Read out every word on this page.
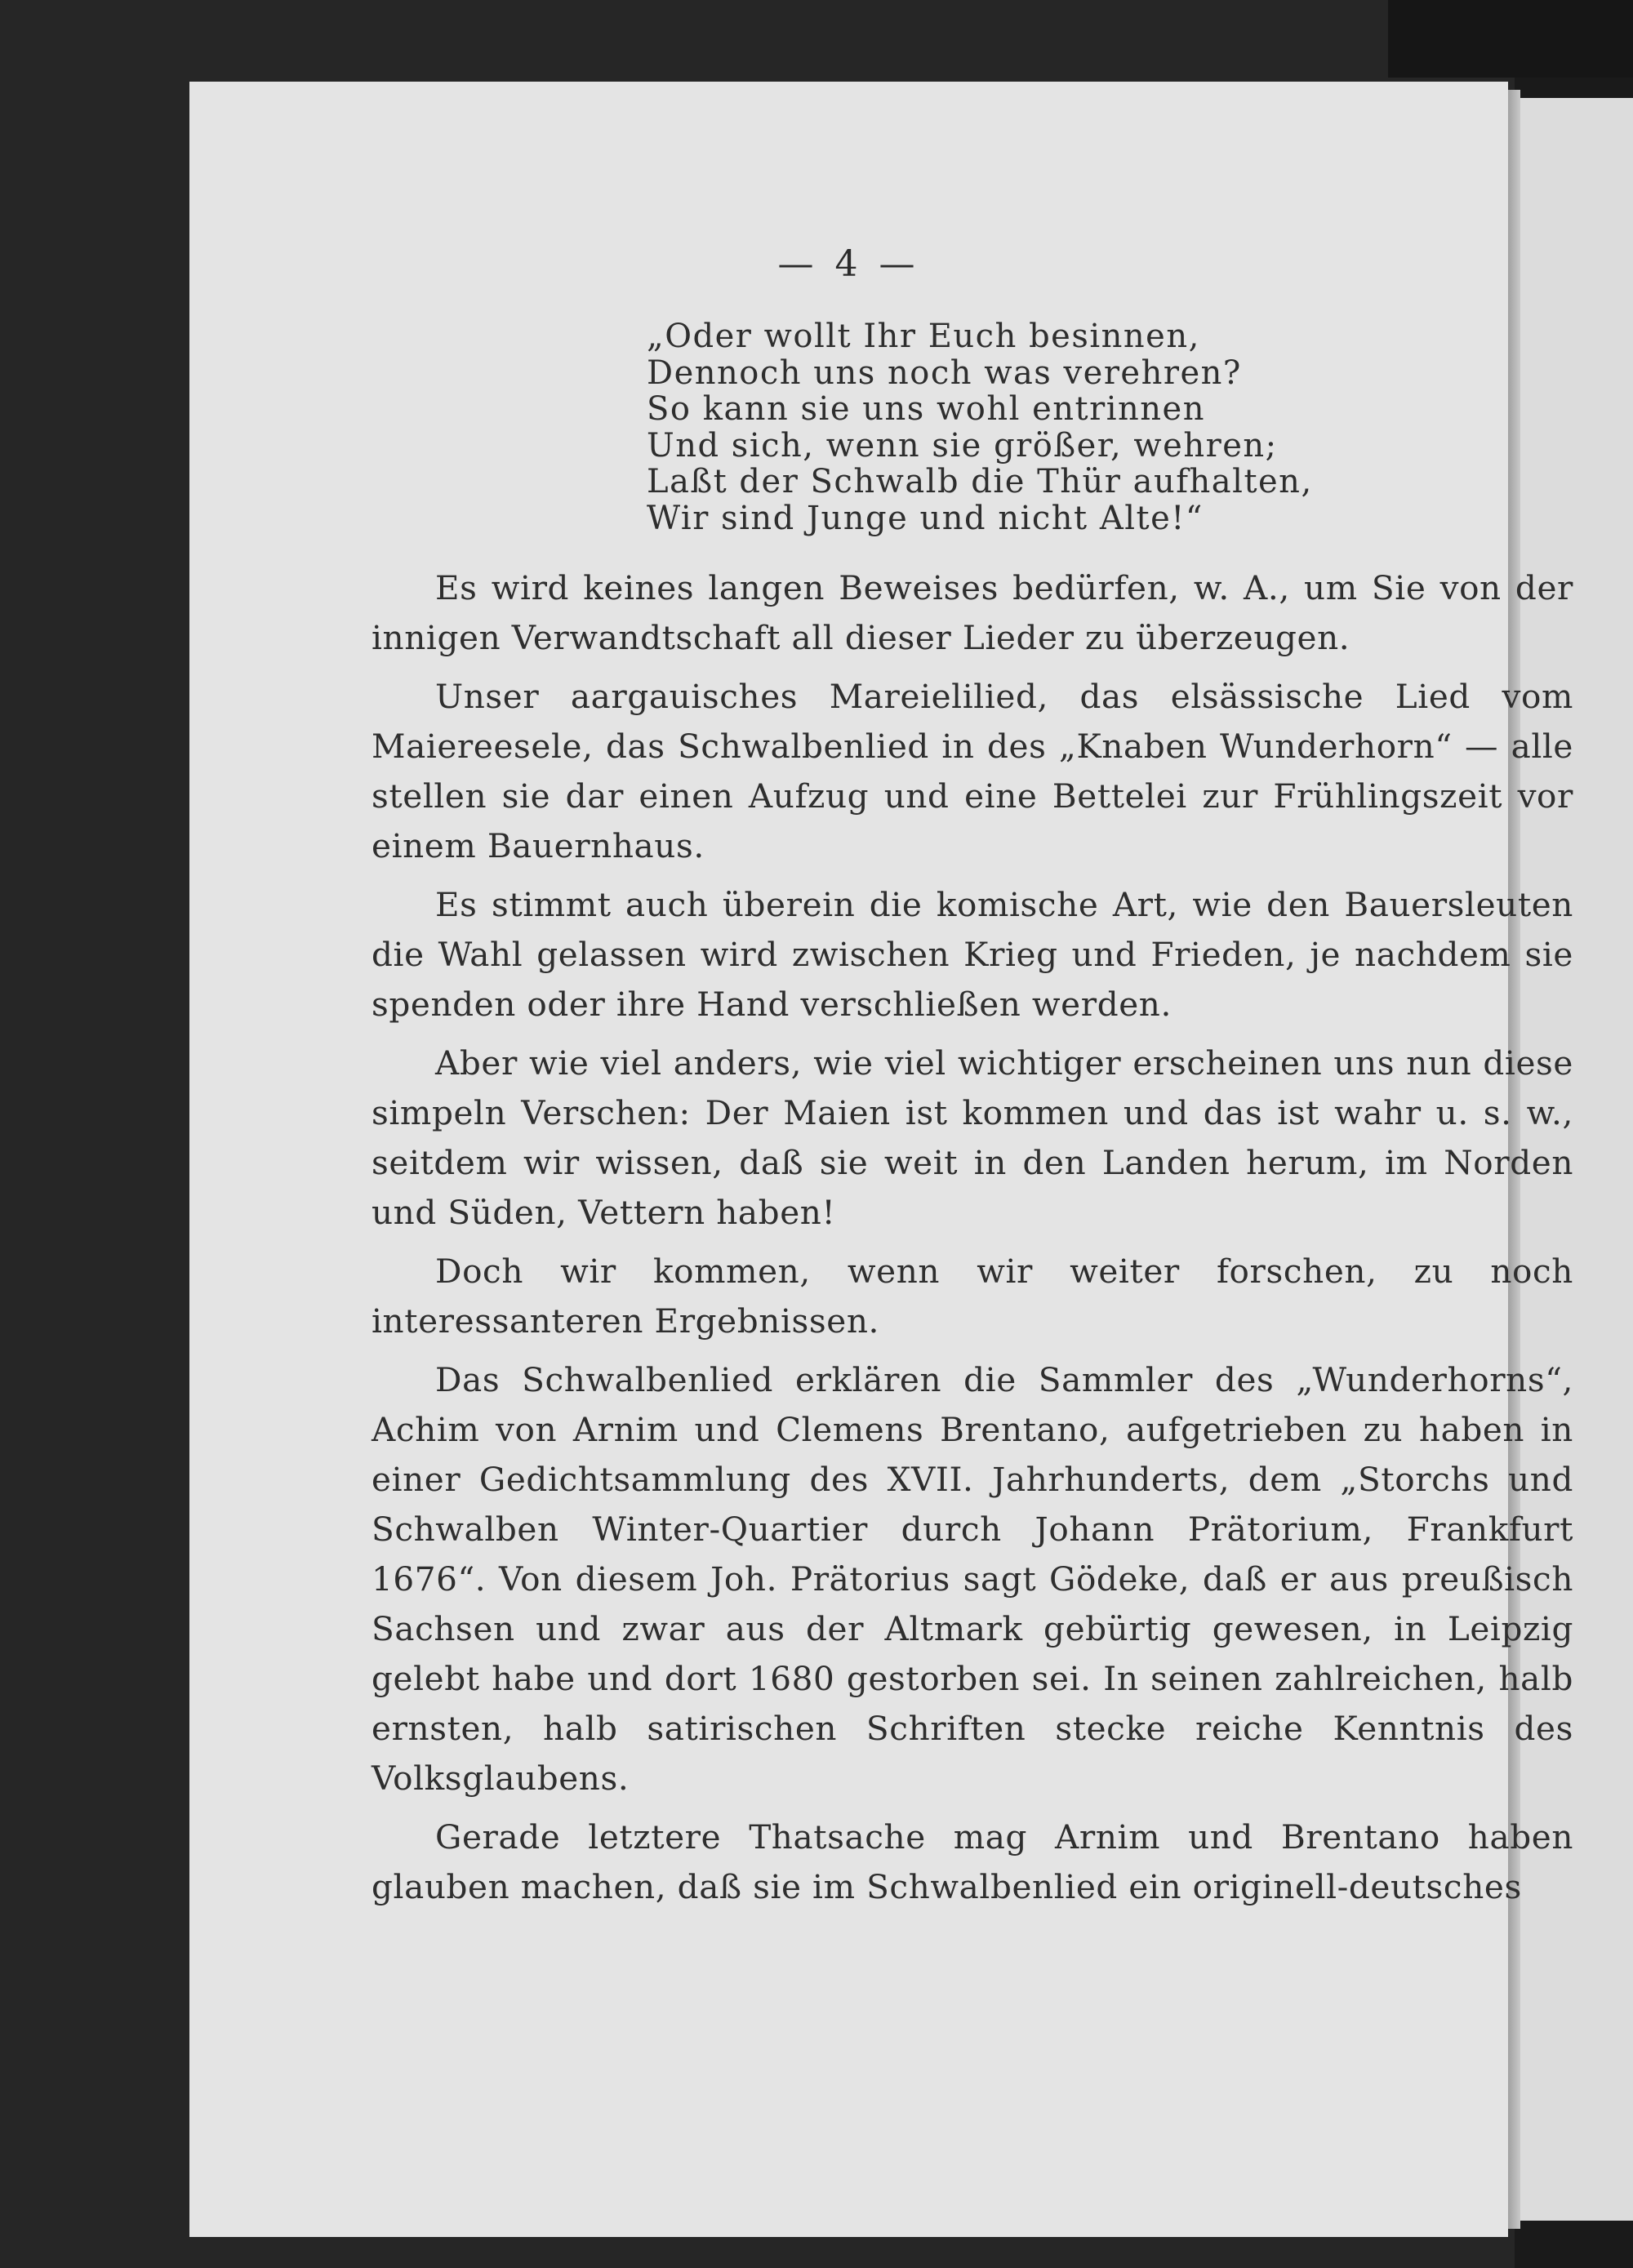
— 4 —
„Oder wollt Ihr Euch besinnen,
Dennoch uns noch was verehren?
So kann sie uns wohl entrinnen
Und sich, wenn sie größer, wehren;
Laßt der Schwalb die Thür aufhalten,
Wir sind Junge und nicht Alte!“

Es wird keines langen Beweises bedürfen, w. A., um Sie von der innigen Verwandtschaft all dieser Lieder zu überzeugen.

Unser aargauisches Mareielilied, das elsässische Lied vom Maiereesele, das Schwalbenlied in des „Knaben Wunderhorn“ — alle stellen sie dar einen Aufzug und eine Bettelei zur Frühlingszeit vor einem Bauernhaus.

Es stimmt auch überein die komische Art, wie den Bauersleuten die Wahl gelassen wird zwischen Krieg und Frieden, je nachdem sie spenden oder ihre Hand verschließen werden.

Aber wie viel anders, wie viel wichtiger erscheinen uns nun diese simpeln Verschen: Der Maien ist kommen und das ist wahr u. s. w., seitdem wir wissen, daß sie weit in den Landen herum, im Norden und Süden, Vettern haben!

Doch wir kommen, wenn wir weiter forschen, zu noch interessanteren Ergebnissen.

Das Schwalbenlied erklären die Sammler des „Wunderhorns“, Achim von Arnim und Clemens Brentano, aufgetrieben zu haben in einer Gedichtsammlung des XVII. Jahrhunderts, dem „Storchs und Schwalben Winter-Quartier durch Johann Prätorium, Frankfurt 1676“. Von diesem Joh. Prätorius sagt Gödeke, daß er aus preußisch Sachsen und zwar aus der Altmark gebürtig gewesen, in Leipzig gelebt habe und dort 1680 gestorben sei. In seinen zahlreichen, halb ernsten, halb satirischen Schriften stecke reiche Kenntnis des Volksglaubens.

Gerade letztere Thatsache mag Arnim und Brentano haben glauben machen, daß sie im Schwalbenlied ein originell-deutsches
